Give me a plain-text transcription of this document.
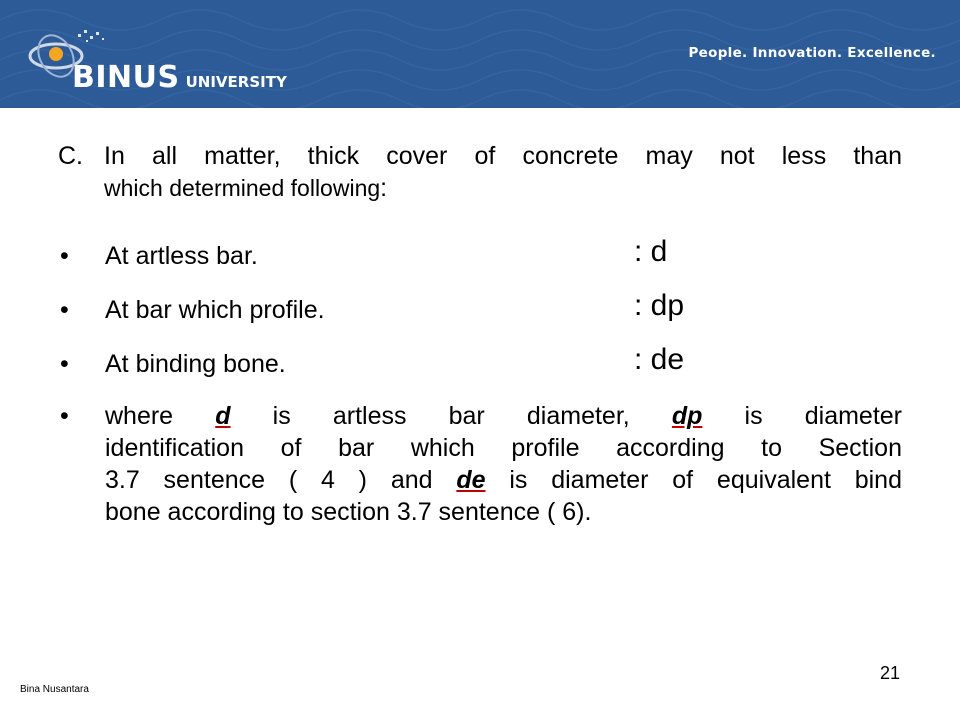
BINUS UNIVERSITY
People. Innovation. Excellence.
C. In all matter, thick cover of concrete may not less than
which determined following:
• At artless bar.	: d
• At bar which profile.	: dp
• At binding bone.	: de
• where d is artless bar diameter, dp is diameter
identification of bar which profile according to Section
3.7 sentence ( 4 ) and de is diameter of equivalent bind
bone according to section 3.7 sentence ( 6).
Bina Nusantara
21
